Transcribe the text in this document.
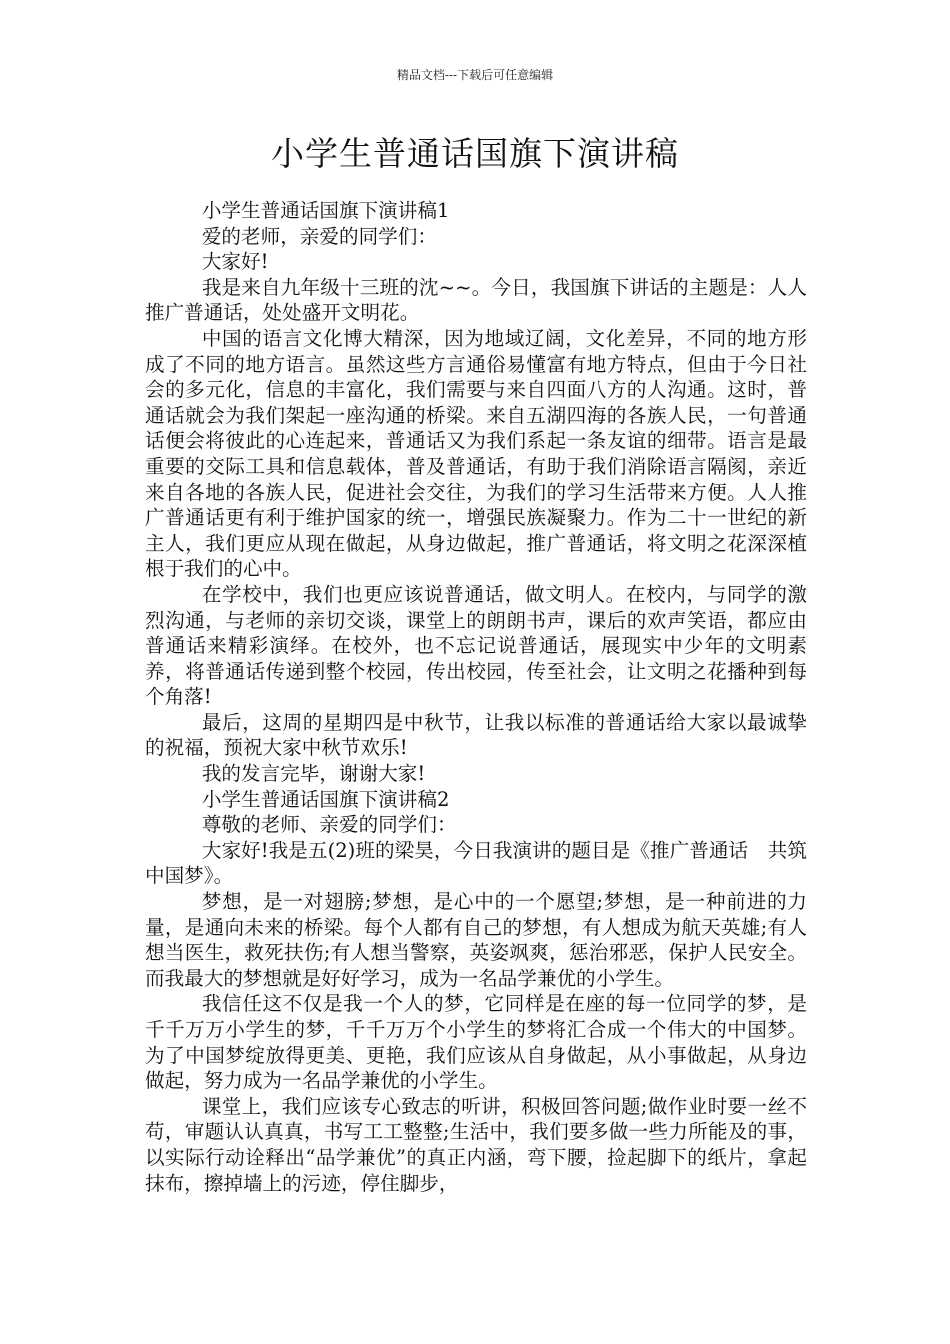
精品文档---下载后可任意编辑
小学生普通话国旗下演讲稿

小学生普通话国旗下演讲稿1

爱的老师，亲爱的同学们：

大家好!

我是来自九年级十三班的沈~~。今日，我国旗下讲话的主题是：人人推广普通话，处处盛开文明花。

中国的语言文化博大精深，因为地域辽阔，文化差异，不同的地方形成了不同的地方语言。虽然这些方言通俗易懂富有地方特点，但由于今日社会的多元化，信息的丰富化，我们需要与来自四面八方的人沟通。这时，普通话就会为我们架起一座沟通的桥梁。来自五湖四海的各族人民，一句普通话便会将彼此的心连起来，普通话又为我们系起一条友谊的细带。语言是最重要的交际工具和信息载体，普及普通话，有助于我们消除语言隔阂，亲近来自各地的各族人民，促进社会交往，为我们的学习生活带来方便。人人推广普通话更有利于维护国家的统一，增强民族凝聚力。作为二十一世纪的新主人，我们更应从现在做起，从身边做起，推广普通话，将文明之花深深植根于我们的心中。

在学校中，我们也更应该说普通话，做文明人。在校内，与同学的激烈沟通，与老师的亲切交谈，课堂上的朗朗书声，课后的欢声笑语，都应由普通话来精彩演绎。在校外，也不忘记说普通话，展现实中少年的文明素养，将普通话传递到整个校园，传出校园，传至社会，让文明之花播种到每个角落!

最后，这周的星期四是中秋节，让我以标准的普通话给大家以最诚挚的祝福，预祝大家中秋节欢乐!

我的发言完毕，谢谢大家!

小学生普通话国旗下演讲稿2

尊敬的老师、亲爱的同学们：

大家好!我是五(2)班的梁昊，今日我演讲的题目是《推广普通话　共筑中国梦》。

梦想，是一对翅膀;梦想，是心中的一个愿望;梦想，是一种前进的力量，是通向未来的桥梁。每个人都有自己的梦想，有人想成为航天英雄;有人想当医生，救死扶伤;有人想当警察，英姿飒爽，惩治邪恶，保护人民安全。而我最大的梦想就是好好学习，成为一名品学兼优的小学生。

我信任这不仅是我一个人的梦，它同样是在座的每一位同学的梦，是千千万万小学生的梦，千千万万个小学生的梦将汇合成一个伟大的中国梦。为了中国梦绽放得更美、更艳，我们应该从自身做起，从小事做起，从身边做起，努力成为一名品学兼优的小学生。

课堂上，我们应该专心致志的听讲，积极回答问题;做作业时要一丝不苟，审题认认真真，书写工工整整;生活中，我们要多做一些力所能及的事，以实际行动诠释出“品学兼优”的真正内涵，弯下腰，捡起脚下的纸片，拿起抹布，擦掉墙上的污迹，停住脚步，
